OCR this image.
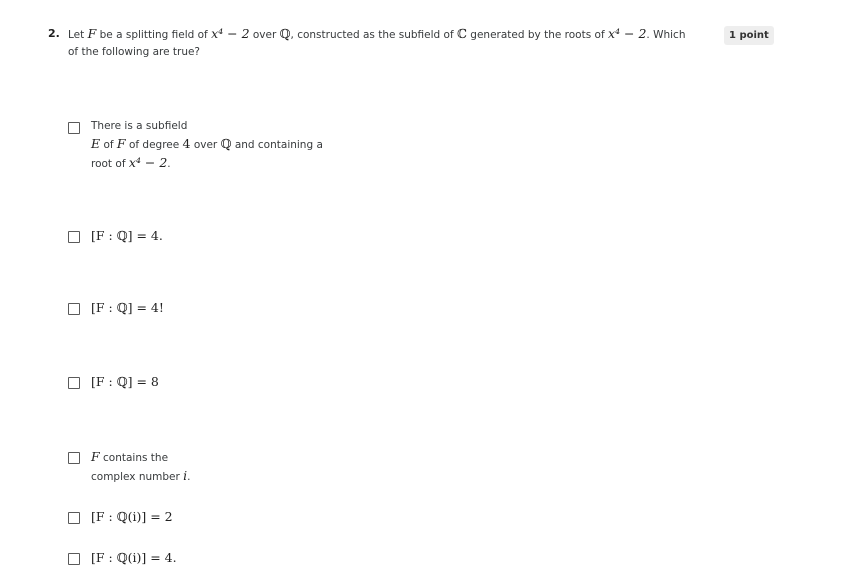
2. Let F be a splitting field of x⁴ − 2 over ℚ, constructed as the subfield of ℂ generated by the roots of x⁴ − 2. Which
of the following are true?
1 point
There is a subfield
E of F of degree 4 over ℚ and containing a
root of x⁴ − 2.
[F : ℚ] = 4.
[F : ℚ] = 4!
[F : ℚ] = 8
F contains the
complex number i.
[F : ℚ(i)] = 2
[F : ℚ(i)] = 4.
